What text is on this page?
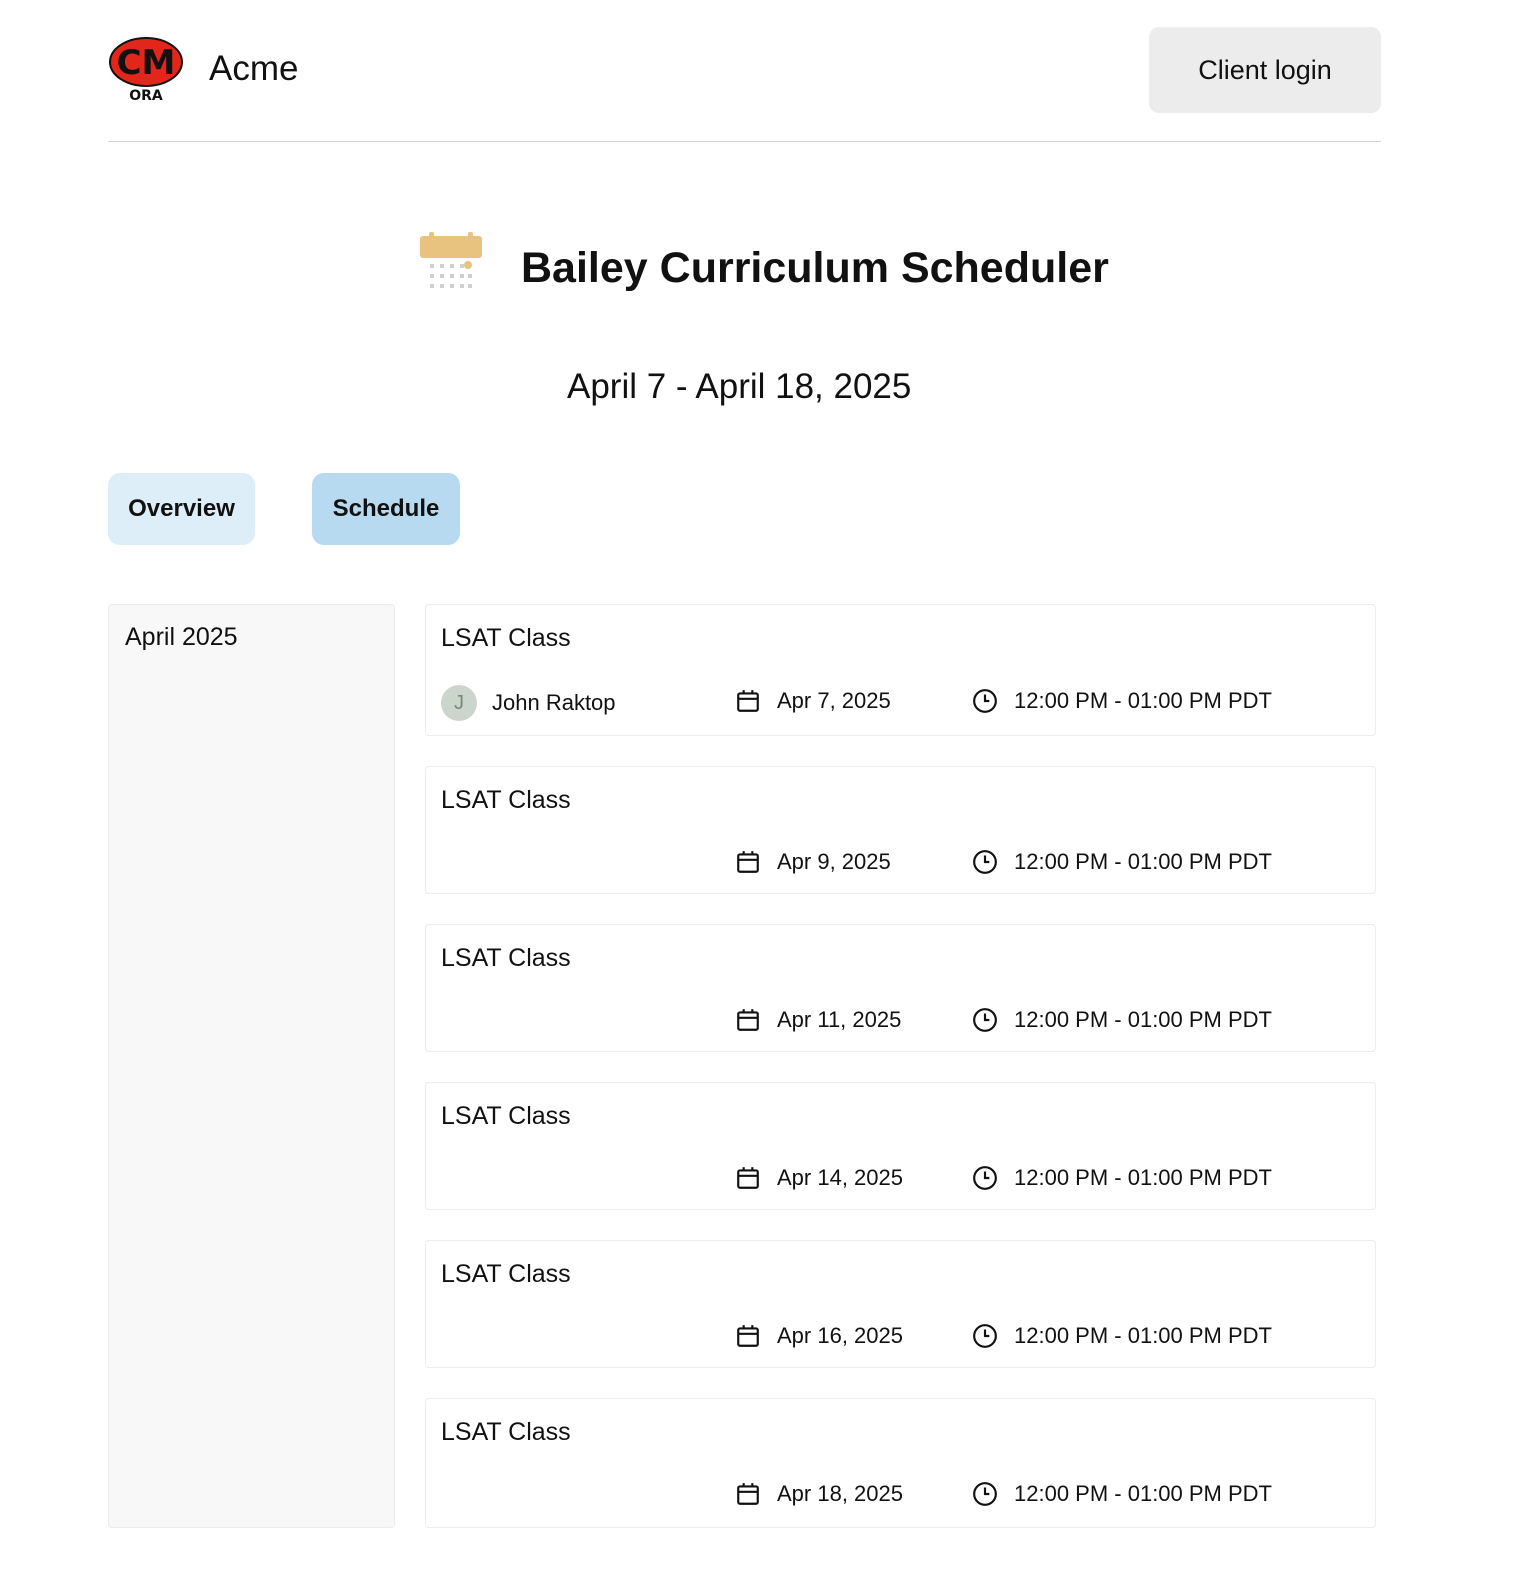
CM
ORA
Acme	Client login
Bailey Curriculum Scheduler
April 7 - April 18, 2025
Overview	Schedule
April 2025	LSAT Class
J	John Raktop	Apr 7, 2025	12:00 PM - 01:00 PM PDT
LSAT Class
Apr 9, 2025	12:00 PM - 01:00 PM PDT
LSAT Class
Apr 11, 2025	12:00 PM - 01:00 PM PDT
LSAT Class
Apr 14, 2025	12:00 PM - 01:00 PM PDT
LSAT Class
Apr 16, 2025	12:00 PM - 01:00 PM PDT
LSAT Class
Apr 18, 2025	12:00 PM - 01:00 PM PDT
